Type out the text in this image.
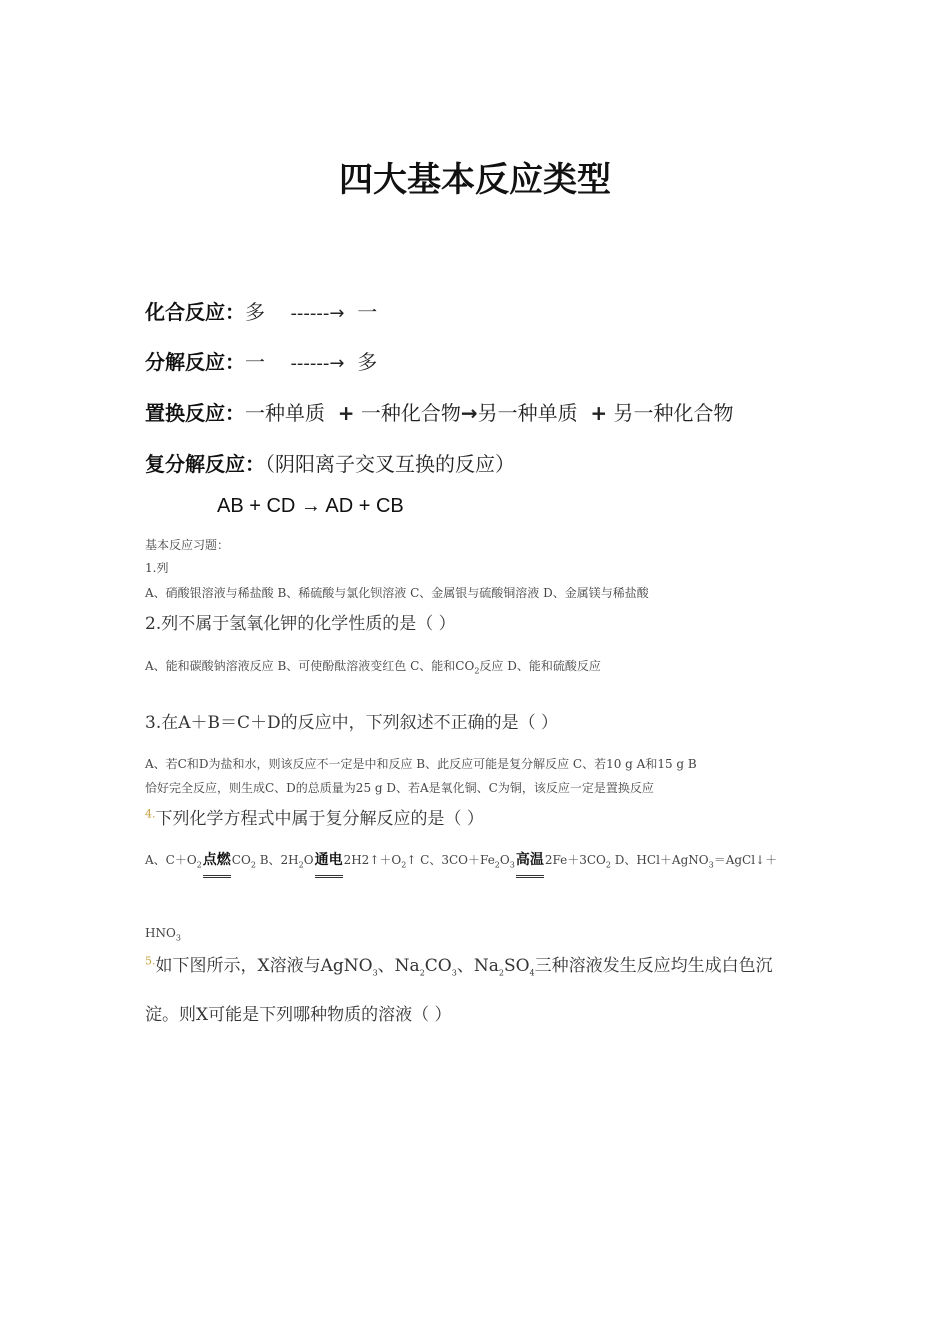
四大基本反应类型
化合反应：多 ------→ 一
分解反应：一 ------→ 多
置换反应：一种单质 + 一种化合物→另一种单质 + 另一种化合物
复分解反应：（阴阳离子交叉互换的反应）
AB + CD → AD + CB
基本反应习题：
1.列
A、硝酸银溶液与稀盐酸 B、稀硫酸与氯化钡溶液 C、金属银与硫酸铜溶液 D、金属镁与稀盐酸
2.列不属于氢氧化钾的化学性质的是（ ）
A、能和碳酸钠溶液反应 B、可使酚酞溶液变红色 C、能和$CO_2$反应 D、能和硫酸反应
3.在A＋B＝C＋D的反应中，下列叙述不正确的是（ ）
A、若C和D为盐和水，则该反应不一定是中和反应 B、此反应可能是复分解反应 C、若10 g A和15 g B
恰好完全反应，则生成C、D的总质量为25 g D、若A是氧化铜、C为铜，该反应一定是置换反应
$^{4.}$下列化学方程式中属于复分解反应的是（ ）
A、$C+O_2$点燃$CO_2$ B、$2H_2O$通电$2H2↑+O_2↑$ C、$3CO+Fe_2O_3$高温$2Fe+3CO_2$ D、HCl＋AgNO$_3$＝AgCl↓＋
$HNO_3$
$^{5.}$如下图所示，X溶液与AgNO$_3$、$Na_2CO_3$、$Na_2SO_4$三种溶液发生反应均生成白色沉
淀。则X可能是下列哪种物质的溶液（ ）
